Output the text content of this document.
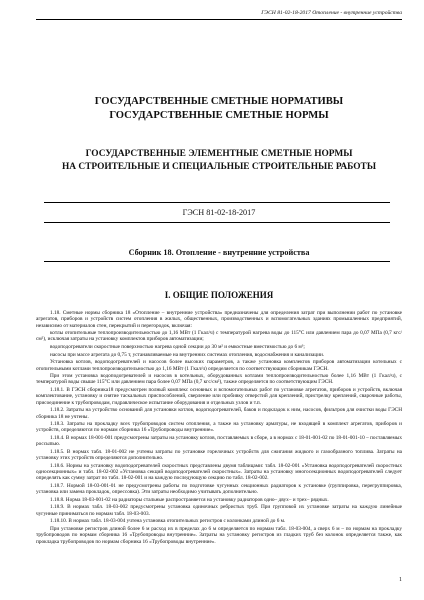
ГЭСН 81-02-18-2017 Отопление - внутренние устройства
ГОСУДАРСТВЕННЫЕ СМЕТНЫЕ НОРМАТИВЫ
ГОСУДАРСТВЕННЫЕ СМЕТНЫЕ НОРМЫ
ГОСУДАРСТВЕННЫЕ ЭЛЕМЕНТНЫЕ СМЕТНЫЕ НОРМЫ
НА СТРОИТЕЛЬНЫЕ И СПЕЦИАЛЬНЫЕ СТРОИТЕЛЬНЫЕ РАБОТЫ
ГЭСН 81-02-18-2017
Сборник 18. Отопление - внутренние устройства
I. ОБЩИЕ ПОЛОЖЕНИЯ

1.18. Сметные нормы сборника 18 «Отопление – внутренние устройства» предназначены для определения затрат при выполнении работ по установке агрегатов, приборов и устройств систем отопления в жилых, общественных, производственных и вспомогательных зданиях промышленных предприятий, независимо от материалов стен, перекрытий и перегородок, включая:

котлы отопительные теплопроизводительностью до 1,16 МВт (1 Гкал/ч) с температурой нагрева воды до 115°С или давлением пара до 0,07 МПа (0,7 кгс/см²), исключая затраты на установку комплектов приборов автоматизации;

водоподогреватели скоростные поверхностью нагрева одной секции до 30 м² и емкостные вместимостью до 6 м³;

насосы при массе агрегата до 0,75 т, устанавливаемые на внутренних системах отопления, водоснабжения и канализации.

Установка котлов, водоподогревателей и насосов более высоких параметров, а также установка комплектов приборов автоматизации котельных с отопительными котлами теплопроизводительностью до 1,16 МВт (1 Гкал/ч) определяется по соответствующим сборникам ГЭСН.

При этом установка водоподогревателей и насосов в котельных, оборудованных котлами теплопроизводительностью более 1,16 МВт (1 Гкал/ч), с температурой воды свыше 115°С или давлением пара более 0,07 МПа (0,7 кгс/см²), также определяется по соответствующим ГЭСН.

1.18.1. В ГЭСН сборника18 предусмотрен полный комплекс основных и вспомогательных работ по установке агрегатов, приборов и устройств, включая комплектование, установку и снятие таскальных приспособлений, сверление или пробивку отверстий для креплений, пристрелку креплений, сварочные работы, присоединение к трубопроводам, гидравлическое испытание оборудования и отдельных узлов и т.п.

1.18.2. Затраты на устройство оснований для установки котлов, водоподогревателей, баков и подкладок к ним, насосов, фильтров для очистки воды ГЭСН сборника 18 не учтены.

1.18.3. Затраты на прокладку всех трубопроводов систем отопления, а также на установку арматуры, не входящей в комплект агрегатов, приборов и устройств, определяются по нормам сборника 16 «Трубопроводы внутренние».

1.18.4. В нормах 18-001-001 предусмотрены затраты на установку котлов, поставляемых в сборе, а в нормах с 18-01-001-02 по 18-01-001-10 – поставляемых россыпью.

1.18.5. В нормах табл. 18-01-002 не учтены затраты по установке горелочных устройств для сжигания жидкого и газообразного топлива. Затраты на установку этих устройств определяются дополнительно.

1.18.6. Нормы на установку водоподогревателей скоростных представлены двумя таблицами: табл. 18-02-001 «Установка водоподогревателей скоростных односекционных» и табл. 18-02-002 «Установка секций водоподогревателей скоростных». Затраты на установку многосекционных водоподогревателей следует определять как сумму затрат по табл. 18-02-001 и на каждую последующую секцию по табл. 18-02-002.

1.18.7. Нормой 18-03-001-01 не предусмотрены работы по подготовке чугунных секционных радиаторов к установке (группировка, перегруппировка, установка или замена прокладок, опрессовка). Эти затраты необходимо учитывать дополнительно.

1.18.8. Норма 18-03-001-02 на радиаторы стальные распространяется на установку радиаторов одно– двух– и трех– рядных.

1.18.9. В нормах табл. 18-03-002 предусмотрены установка одиночных ребристых труб. При групповой их установке затраты на каждую линейные чугунные приниматься по нормам табл. 18-03-003.

1.18.10. В нормах табл. 18-03-004 учтена установка отопительных регистров с колонками длиной до 6 м.

При установке регистров длиной более 6 м расход их в пределах до 6 м определяется по нормам табл. 18-03-004, а сверх 6 м – по нормам на прокладку трубопроводов по нормам сборника 16 «Трубопроводы внутренние». Затраты на установку регистров из гладких труб без колонок определяется также, как прокладка трубопроводов по нормам сборника 16 «Трубопроводы внутренние».

1
